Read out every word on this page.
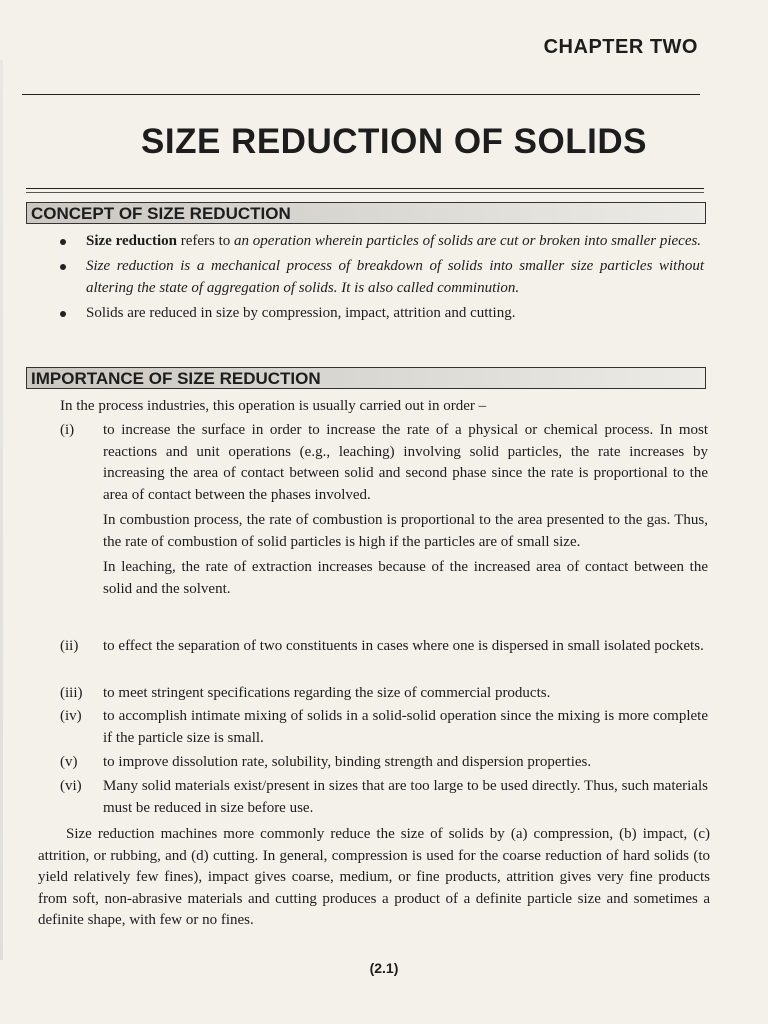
CHAPTER TWO
SIZE REDUCTION OF SOLIDS
CONCEPT OF SIZE REDUCTION
Size reduction refers to an operation wherein particles of solids are cut or broken into smaller pieces.
Size reduction is a mechanical process of breakdown of solids into smaller size particles without altering the state of aggregation of solids. It is also called comminution.
Solids are reduced in size by compression, impact, attrition and cutting.
IMPORTANCE OF SIZE REDUCTION
In the process industries, this operation is usually carried out in order –
(i) to increase the surface in order to increase the rate of a physical or chemical process. In most reactions and unit operations (e.g., leaching) involving solid particles, the rate increases by increasing the area of contact between solid and second phase since the rate is proportional to the area of contact between the phases involved.
In combustion process, the rate of combustion is proportional to the area presented to the gas. Thus, the rate of combustion of solid particles is high if the particles are of small size.
In leaching, the rate of extraction increases because of the increased area of contact between the solid and the solvent.
(ii) to effect the separation of two constituents in cases where one is dispersed in small isolated pockets.
(iii) to meet stringent specifications regarding the size of commercial products.
(iv) to accomplish intimate mixing of solids in a solid-solid operation since the mixing is more complete if the particle size is small.
(v) to improve dissolution rate, solubility, binding strength and dispersion properties.
(vi) Many solid materials exist/present in sizes that are too large to be used directly. Thus, such materials must be reduced in size before use.
Size reduction machines more commonly reduce the size of solids by (a) compression, (b) impact, (c) attrition, or rubbing, and (d) cutting. In general, compression is used for the coarse reduction of hard solids (to yield relatively few fines), impact gives coarse, medium, or fine products, attrition gives very fine products from soft, non-abrasive materials and cutting produces a product of a definite particle size and sometimes a definite shape, with few or no fines.
(2.1)
